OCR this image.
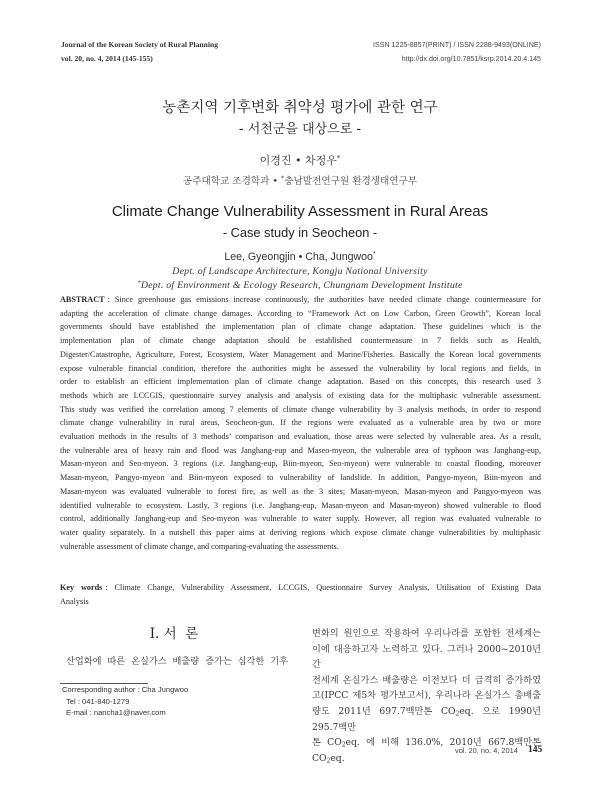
Journal of the Korean Society of Rural Planning
vol. 20, no. 4, 2014 (145-155)
ISSN 1225-8857(PRINT) / ISSN 2288-9493(ONLINE)
http://dx.doi.org/10.7851/ksrp.2014.20.4.145
농촌지역 기후변화 취약성 평가에 관한 연구
- 서천군을 대상으로 -
이경진 • 차정우*
공주대학교 조경학과 • *충남발전연구원 환경생태연구부
Climate Change Vulnerability Assessment in Rural Areas
- Case study in Seocheon -
Lee, Gyeongjin • Cha, Jungwoo*
Dept. of Landscape Architecture, Kongju National University
*Dept. of Environment & Ecology Research, Chungnam Development Institute
ABSTRACT : Since greenhouse gas emissions increase continuously, the authorities have needed climate change countermeasure for
adapting the acceleration of climate change damages. According to “Framework Act on Low Carbon, Green Growth”, Korean local
governments should have established the implementation plan of climate change adaptation. These guidelines which is the
implementation plan of climate change adaptation should be established countermeasure in 7 fields such as Health,
Digester/Catastrophe, Agriculture, Forest, Ecosystem, Water Management and Marine/Fisheries. Basically the Korean local governments
expose vulnerable financial condition, therefore the authorities might be assessed the vulnerability by local regions and fields, in
order to establish an efficient implementation plan of climate change adaptation. Based on this concepts, this research used 3
methods which are LCCGIS, questionnaire survey analysis and analysis of existing data for the multiphasic vulnerable assessment.
This study was verified the correlation among 7 elements of climate change vulnerability by 3 analysis methods, in order to respond
climate change vulnerability in rural areas, Seocheon-gun. If the regions were evaluated as a vulnerable area by two or more
evaluation methods in the results of 3 methods’ comparison and evaluation, those areas were selected by vulnerable area. As a result,
the vulnerable area of heavy rain and flood was Janghang-eup and Maseo-myeon, the vulnerable area of typhoon was Janghang-eup,
Masan-myeon and Seo-myeon. 3 regions (i.e. Janghang-eup, Biin-myeon, Seo-myeon) were vulnerable to coastal flooding, moreover
Masan-myeon, Pangyo-myeon and Biin-myeon exposed to vulnerability of landslide. In addition, Pangyo-myeon, Biin-myeon and
Masan-myeon was evaluated vulnerable to forest fire, as well as the 3 sites; Masan-myeon, Masan-myeon and Pangyo-myeon was
identified vulnerable to ecosystem. Lastly, 3 regions (i.e. Janghang-eup, Masan-myeon and Masan-myeon) showed vulnerable to flood
control, additionally Janghang-eup and Seo-myeon was vulnerable to water supply. However, all region was evaluated vulnerable to
water quality separately. In a nutshell this paper aims at deriving regions which expose climate change vulnerabilities by multiphasic
vulnerable assessment of climate change, and comparing-evaluating the assessments.
Key words : Climate Change, Vulnerability Assessment, LCCGIS, Questionnaire Survey Analysis, Utilisation of Existing Data
Analysis
Ⅰ. 서  론
산업화에 따른 온실가스 배출량 증가는 심각한 기후
Corresponding author : Cha Jungwoo
Tel : 041-840-1279
E-mail : nancha1@naver.com
변화의 원인으로 작용하여 우리나라를 포함한 전세계는
이에 대응하고자 노력하고 있다. 그러나 2000~2010년간
전세계 온실가스 배출량은 이전보다 더 급격히 증가하였
고(IPCC 제5차 평가보고서), 우리나라 온실가스 총배출
량도 2011년 697.7백만톤 $CO_2eq$. 으로 1990년 295.7백만
톤 $CO_2eq$. 에 비해 136.0%, 2010년 667.8백만톤 $CO_2eq$.
vol. 20, no. 4, 2014 145
